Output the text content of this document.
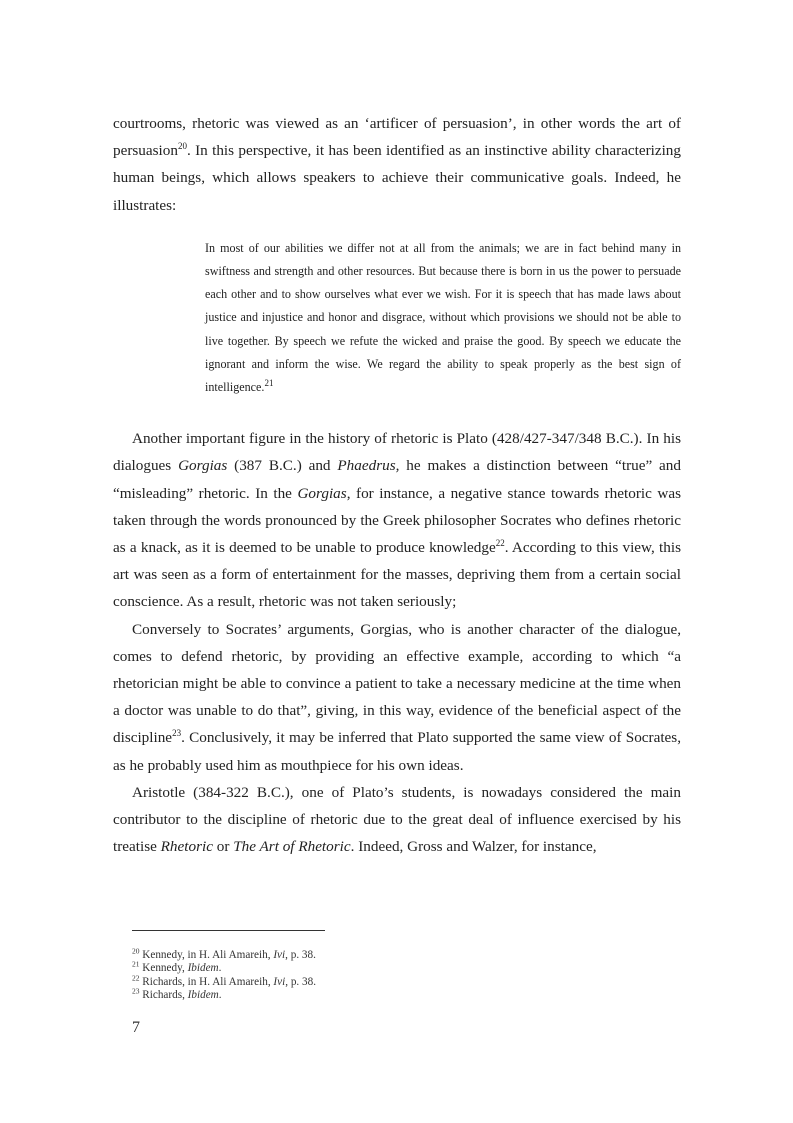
courtrooms, rhetoric was viewed as an ‘artificer of persuasion’, in other words the art of persuasion$^{20}$. In this perspective, it has been identified as an instinctive ability characterizing human beings, which allows speakers to achieve their communicative goals. Indeed, he illustrates:

In most of our abilities we differ not at all from the animals; we are in fact behind many in swiftness and strength and other resources. But because there is born in us the power to persuade each other and to show ourselves what ever we wish. For it is speech that has made laws about justice and injustice and honor and disgrace, without which provisions we should not be able to live together. By speech we refute the wicked and praise the good. By speech we educate the ignorant and inform the wise. We regard the ability to speak properly as the best sign of intelligence.$^{21}$

Another important figure in the history of rhetoric is Plato (428/427-347/348 B.C.). In his dialogues Gorgias (387 B.C.) and Phaedrus, he makes a distinction between “true” and “misleading” rhetoric. In the Gorgias, for instance, a negative stance towards rhetoric was taken through the words pronounced by the Greek philosopher Socrates who defines rhetoric as a knack, as it is deemed to be unable to produce knowledge$^{22}$. According to this view, this art was seen as a form of entertainment for the masses, depriving them from a certain social conscience. As a result, rhetoric was not taken seriously;

Conversely to Socrates’ arguments, Gorgias, who is another character of the dialogue, comes to defend rhetoric, by providing an effective example, according to which “a rhetorician might be able to convince a patient to take a necessary medicine at the time when a doctor was unable to do that”, giving, in this way, evidence of the beneficial aspect of the discipline$^{23}$. Conclusively, it may be inferred that Plato supported the same view of Socrates, as he probably used him as mouthpiece for his own ideas.

Aristotle (384-322 B.C.), one of Plato’s students, is nowadays considered the main contributor to the discipline of rhetoric due to the great deal of influence exercised by his treatise Rhetoric or The Art of Rhetoric. Indeed, Gross and Walzer, for instance,

$^{20}$ Kennedy, in H. Ali Amareih, Ivi, p. 38.

$^{21}$ Kennedy, Ibidem.

$^{22}$ Richards, in H. Ali Amareih, Ivi, p. 38.

$^{23}$ Richards, Ibidem.

7
